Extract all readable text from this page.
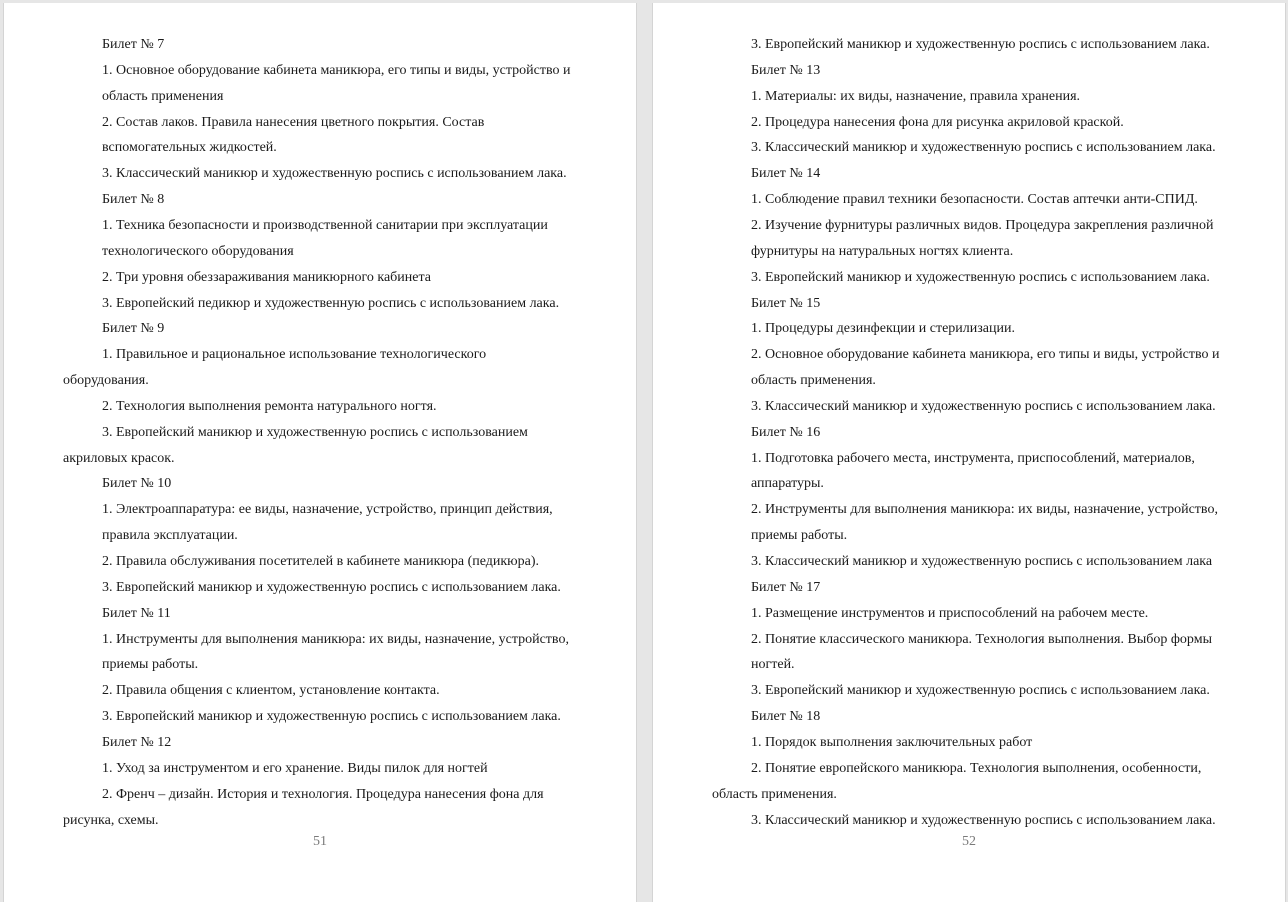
Билет № 7
1. Основное оборудование кабинета маникюра, его типы и виды, устройство и
область применения
2. Состав лаков. Правила нанесения цветного покрытия. Состав
вспомогательных жидкостей.
3. Классический маникюр и художественную роспись с использованием лака.
Билет № 8
1. Техника безопасности и производственной санитарии при эксплуатации
технологического оборудования
2. Три уровня обеззараживания маникюрного кабинета
3. Европейский педикюр и художественную роспись с использованием лака.
Билет № 9
1. Правильное и рациональное использование технологического
оборудования.
2. Технология выполнения ремонта натурального ногтя.
3. Европейский маникюр и художественную роспись с использованием
акриловых красок.
Билет № 10
1. Электроаппаратура: ее виды, назначение, устройство, принцип действия,
правила эксплуатации.
2. Правила обслуживания посетителей в кабинете маникюра (педикюра).
3. Европейский маникюр и художественную роспись с использованием лака.
Билет № 11
1. Инструменты для выполнения маникюра: их виды, назначение, устройство,
приемы работы.
2. Правила общения с клиентом, установление контакта.
3. Европейский маникюр и художественную роспись с использованием лака.
Билет № 12
1. Уход за инструментом и его хранение. Виды пилок для ногтей
2. Френч – дизайн. История и технология. Процедура нанесения фона для
рисунка, схемы.
51
3. Европейский маникюр и художественную роспись с использованием лака.
Билет № 13
1. Материалы: их виды, назначение, правила хранения.
2. Процедура нанесения фона для рисунка акриловой краской.
3. Классический маникюр и художественную роспись с использованием лака.
Билет № 14
1. Соблюдение правил техники безопасности. Состав аптечки анти-СПИД.
2. Изучение фурнитуры различных видов. Процедура закрепления различной
фурнитуры на натуральных ногтях клиента.
3. Европейский маникюр и художественную роспись с использованием лака.
Билет № 15
1. Процедуры дезинфекции и стерилизации.
2. Основное оборудование кабинета маникюра, его типы и виды, устройство и
область применения.
3. Классический маникюр и художественную роспись с использованием лака.
Билет № 16
1. Подготовка рабочего места, инструмента, приспособлений, материалов,
аппаратуры.
2. Инструменты для выполнения маникюра: их виды, назначение, устройство,
приемы работы.
3. Классический маникюр и художественную роспись с использованием лака
Билет № 17
1. Размещение инструментов и приспособлений на рабочем месте.
2. Понятие классического маникюра. Технология выполнения. Выбор формы
ногтей.
3. Европейский маникюр и художественную роспись с использованием лака.
Билет № 18
1. Порядок выполнения заключительных работ
2. Понятие европейского маникюра. Технология выполнения, особенности,
область применения.
3. Классический маникюр и художественную роспись с использованием лака.
52
